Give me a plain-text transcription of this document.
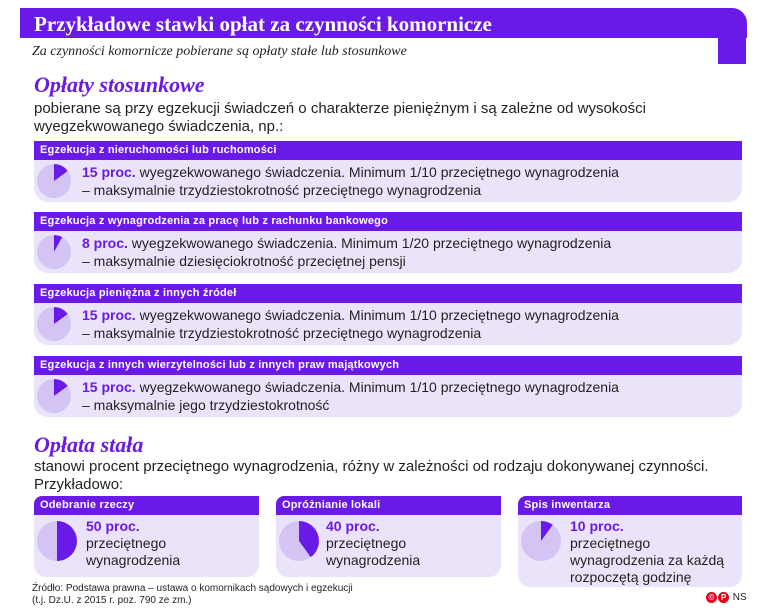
Przykładowe stawki opłat za czynności komornicze
Za czynności komornicze pobierane są opłaty stałe lub stosunkowe
Opłaty stosunkowe
pobierane są przy egzekucji świadczeń o charakterze pieniężnym i są zależne od wysokości
wyegzekwowanego świadczenia, np.:
Egzekucja z nieruchomości lub ruchomości
15 proc. wyegzekwowanego świadczenia. Minimum 1/10 przeciętnego wynagrodzenia
– maksymalnie trzydziestokrotność przeciętnego wynagrodzenia
Egzekucja z wynagrodzenia za pracę lub z rachunku bankowego
8 proc. wyegzekwowanego świadczenia. Minimum 1/20 przeciętnego wynagrodzenia
– maksymalnie dziesięciokrotność przeciętnej pensji
Egzekucja pieniężna z innych źródeł
15 proc. wyegzekwowanego świadczenia. Minimum 1/10 przeciętnego wynagrodzenia
– maksymalnie trzydziestokrotność przeciętnego wynagrodzenia
Egzekucja z innych wierzytelności lub z innych praw majątkowych
15 proc. wyegzekwowanego świadczenia. Minimum 1/10 przeciętnego wynagrodzenia
– maksymalnie jego trzydziestokrotność
Opłata stała
stanowi procent przeciętnego wynagrodzenia, różny w zależności od rodzaju dokonywanej czynności.
Przykładowo:
Odebranie rzeczy
50 proc.
przeciętnego
wynagrodzenia
Opróżnianie lokali
40 proc.
przeciętnego
wynagrodzenia
Spis inwentarza
10 proc.
przeciętnego
wynagrodzenia za każdą
rozpoczętą godzinę
Źródło: Podstawa prawna – ustawa o komornikach sądowych i egzekucji
(t.j. Dz.U. z 2015 r. poz. 790 ze zm.)	© P NS
